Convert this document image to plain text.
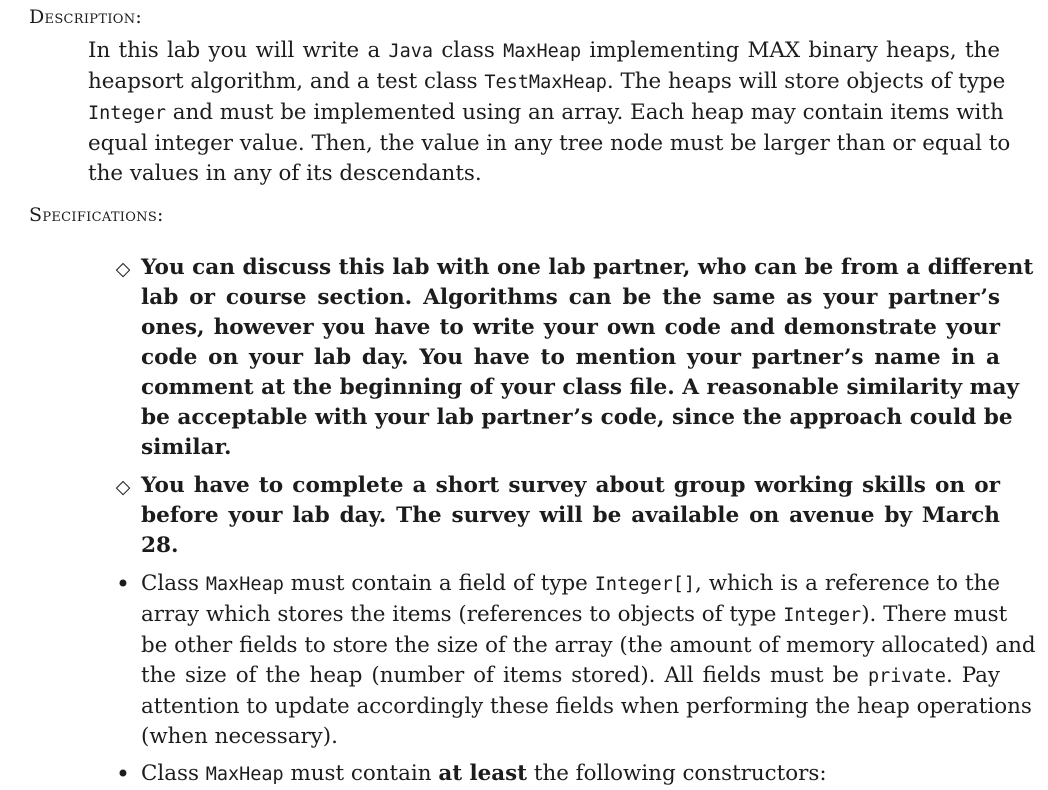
Description:
In this lab you will write a Java class MaxHeap implementing MAX binary heaps, the
heapsort algorithm, and a test class TestMaxHeap. The heaps will store objects of type
Integer and must be implemented using an array. Each heap may contain items with
equal integer value. Then, the value in any tree node must be larger than or equal to
the values in any of its descendants.
Specifications:
◇ You can discuss this lab with one lab partner, who can be from a different
lab or course section. Algorithms can be the same as your partner’s
ones, however you have to write your own code and demonstrate your
code on your lab day. You have to mention your partner’s name in a
comment at the beginning of your class file. A reasonable similarity may
be acceptable with your lab partner’s code, since the approach could be
similar.
◇ You have to complete a short survey about group working skills on or
before your lab day. The survey will be available on avenue by March
28.
• Class MaxHeap must contain a field of type Integer[], which is a reference to the
array which stores the items (references to objects of type Integer). There must
be other fields to store the size of the array (the amount of memory allocated) and
the size of the heap (number of items stored). All fields must be private. Pay
attention to update accordingly these fields when performing the heap operations
(when necessary).
• Class MaxHeap must contain at least the following constructors:
